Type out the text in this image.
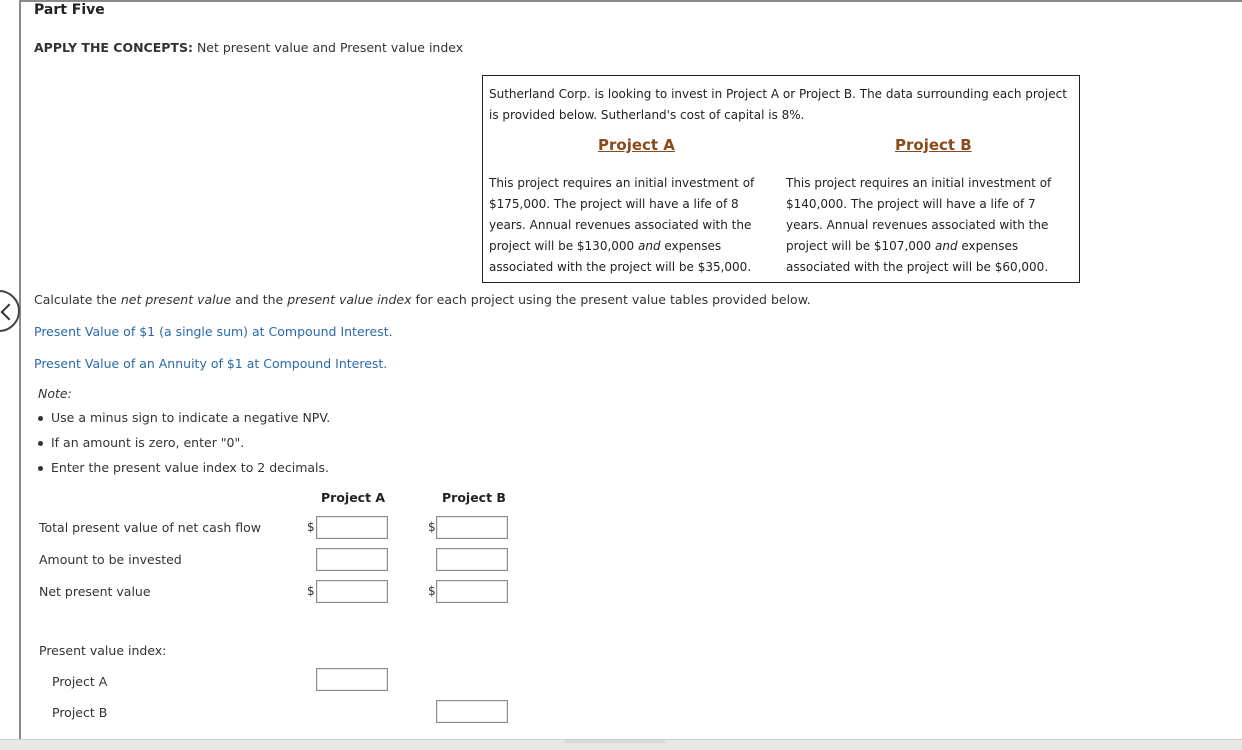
Part Five
APPLY THE CONCEPTS: Net present value and Present value index
Sutherland Corp. is looking to invest in Project A or Project B. The data surrounding each project is provided below. Sutherland's cost of capital is 8%.
Project A	Project B
This project requires an initial investment of $175,000. The project will have a life of 8 years. Annual revenues associated with the project will be $130,000 and expenses associated with the project will be $35,000.
This project requires an initial investment of $140,000. The project will have a life of 7 years. Annual revenues associated with the project will be $107,000 and expenses associated with the project will be $60,000.
Calculate the net present value and the present value index for each project using the present value tables provided below.
Present Value of $1 (a single sum) at Compound Interest.
Present Value of an Annuity of $1 at Compound Interest.
Note:
Use a minus sign to indicate a negative NPV.
If an amount is zero, enter "0".
Enter the present value index to 2 decimals.
Project A	Project B
Total present value of net cash flow	$	$
Amount to be invested
Net present value	$	$
Present value index:
Project A
Project B
